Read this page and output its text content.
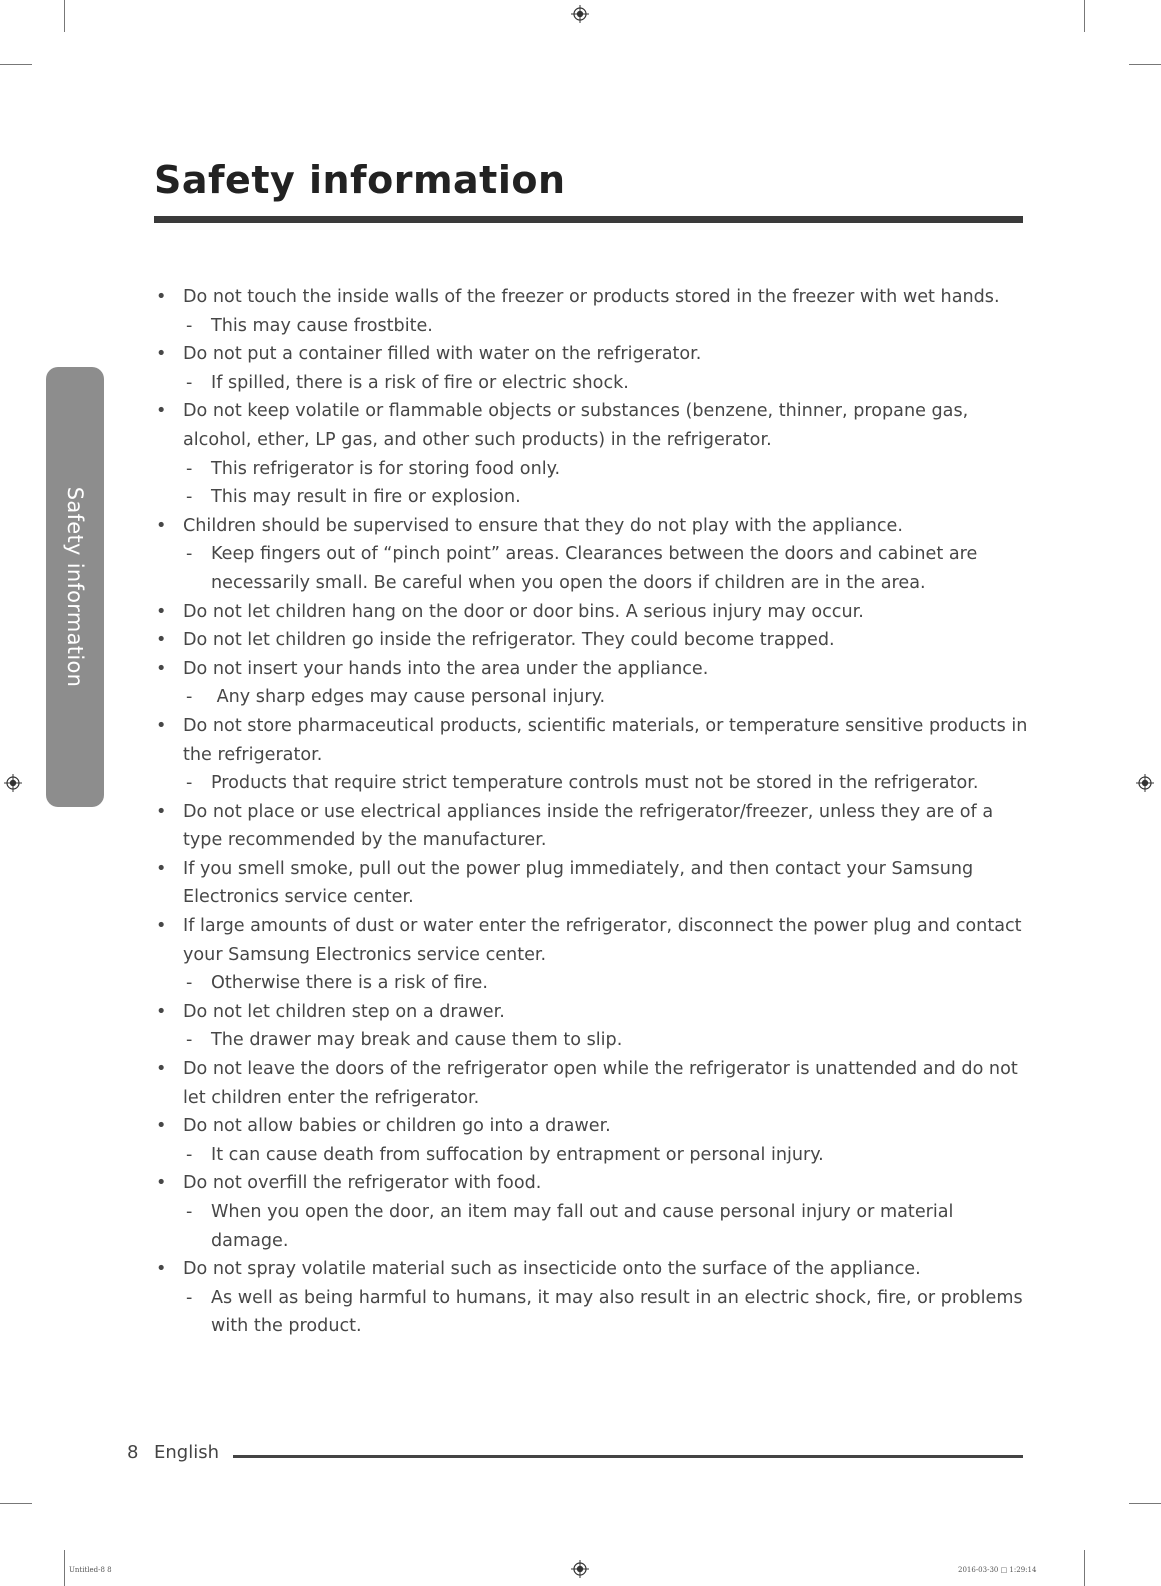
Safety information
Safety information
• Do not touch the inside walls of the freezer or products stored in the freezer with wet hands.
- This may cause frostbite.
• Do not put a container filled with water on the refrigerator.
- If spilled, there is a risk of fire or electric shock.
• Do not keep volatile or flammable objects or substances (benzene, thinner, propane gas, alcohol, ether, LP gas, and other such products) in the refrigerator.
- This refrigerator is for storing food only.
- This may result in fire or explosion.
• Children should be supervised to ensure that they do not play with the appliance.
- Keep fingers out of “pinch point” areas. Clearances between the doors and cabinet are necessarily small. Be careful when you open the doors if children are in the area.
• Do not let children hang on the door or door bins. A serious injury may occur.
• Do not let children go inside the refrigerator. They could become trapped.
• Do not insert your hands into the area under the appliance.
- Any sharp edges may cause personal injury.
• Do not store pharmaceutical products, scientific materials, or temperature sensitive products in the refrigerator.
- Products that require strict temperature controls must not be stored in the refrigerator.
• Do not place or use electrical appliances inside the refrigerator/freezer, unless they are of a type recommended by the manufacturer.
• If you smell smoke, pull out the power plug immediately, and then contact your Samsung Electronics service center.
• If large amounts of dust or water enter the refrigerator, disconnect the power plug and contact your Samsung Electronics service center.
- Otherwise there is a risk of fire.
• Do not let children step on a drawer.
- The drawer may break and cause them to slip.
• Do not leave the doors of the refrigerator open while the refrigerator is unattended and do not let children enter the refrigerator.
• Do not allow babies or children go into a drawer.
- It can cause death from suffocation by entrapment or personal injury.
• Do not overfill the refrigerator with food.
- When you open the door, an item may fall out and cause personal injury or material damage.
• Do not spray volatile material such as insecticide onto the surface of the appliance.
- As well as being harmful to humans, it may also result in an electric shock, fire, or problems with the product.
8 English
Untitled-8 8	2016-03-30 □ 1:29:14
